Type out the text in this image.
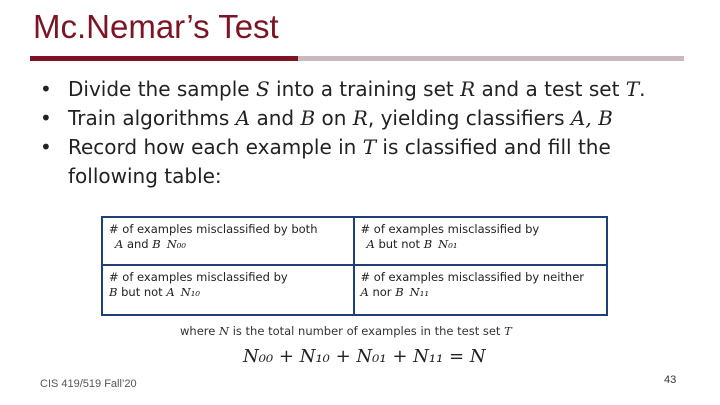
Mc.Nemar’s Test
• Divide the sample S into a training set R and a test set T.
• Train algorithms A and B on R, yielding classifiers A, B
• Record how each example in T is classified and fill the following table:
# of examples misclassified by both
A and B N₀₀
# of examples misclassified by
A but not B N₀₁
# of examples misclassified by
B but not A N₁₀
# of examples misclassified by neither
A nor B N₁₁
where N is the total number of examples in the test set T
N₀₀ + N₁₀ + N₀₁ + N₁₁ = N
CIS 419/519 Fall’20	43
